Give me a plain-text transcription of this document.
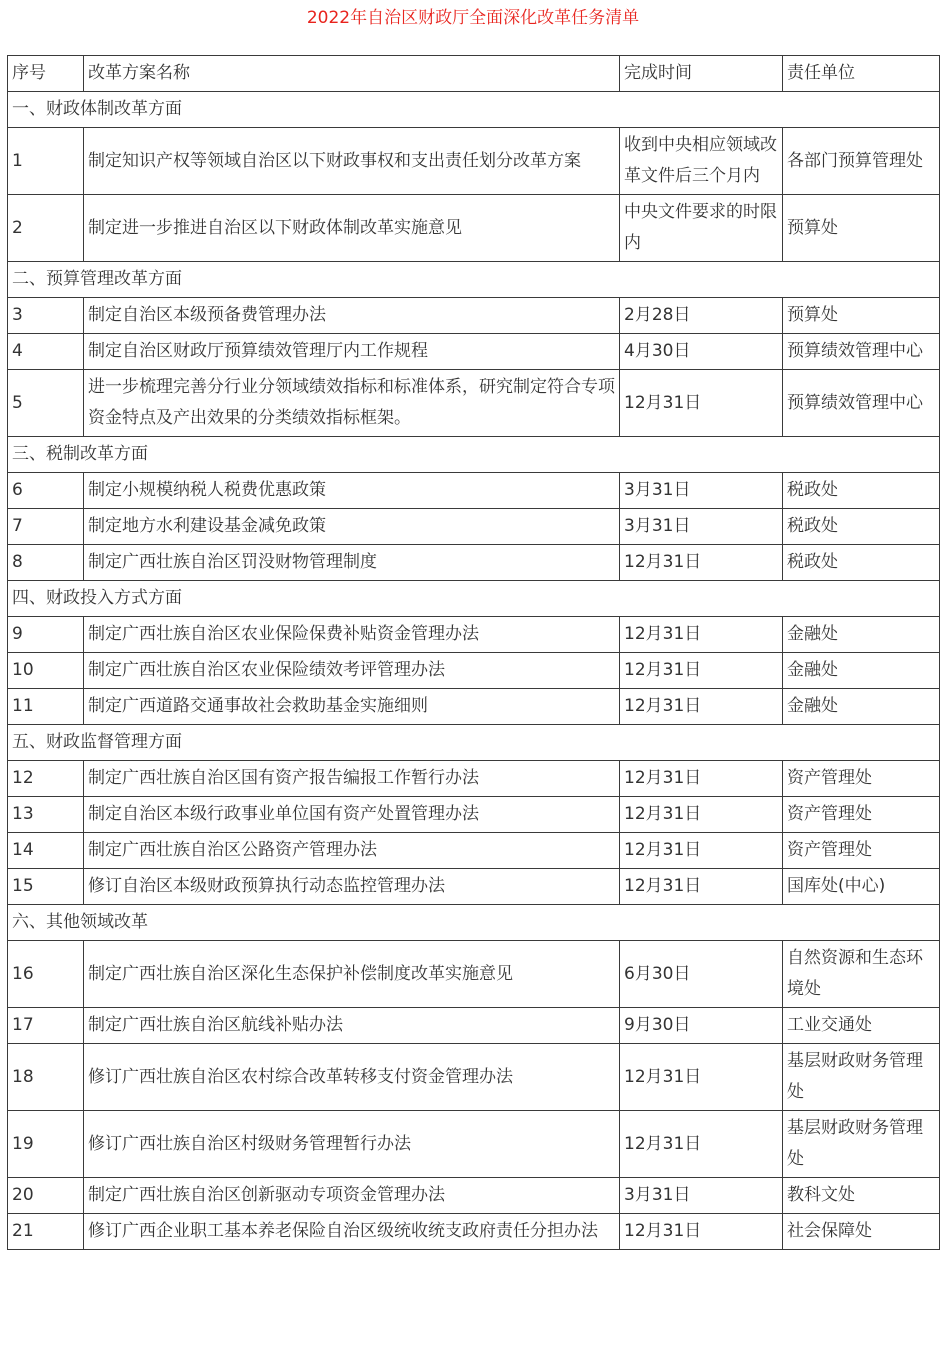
2022年自治区财政厅全面深化改革任务清单
序号	改革方案名称	完成时间	责任单位
一、财政体制改革方面			
1	制定知识产权等领域自治区以下财政事权和支出责任划分改革方案	收到中央相应领域改革文件后三个月内	各部门预算管理处
2	制定进一步推进自治区以下财政体制改革实施意见	中央文件要求的时限内	预算处
二、预算管理改革方面			
3	制定自治区本级预备费管理办法	2月28日	预算处
4	制定自治区财政厅预算绩效管理厅内工作规程	4月30日	预算绩效管理中心
5	进一步梳理完善分行业分领域绩效指标和标准体系，研究制定符合专项资金特点及产出效果的分类绩效指标框架。	12月31日	预算绩效管理中心
三、税制改革方面			
6	制定小规模纳税人税费优惠政策	3月31日	税政处
7	制定地方水利建设基金减免政策	3月31日	税政处
8	制定广西壮族自治区罚没财物管理制度	12月31日	税政处
四、财政投入方式方面			
9	制定广西壮族自治区农业保险保费补贴资金管理办法	12月31日	金融处
10	制定广西壮族自治区农业保险绩效考评管理办法	12月31日	金融处
11	制定广西道路交通事故社会救助基金实施细则	12月31日	金融处
五、财政监督管理方面			
12	制定广西壮族自治区国有资产报告编报工作暂行办法	12月31日	资产管理处
13	制定自治区本级行政事业单位国有资产处置管理办法	12月31日	资产管理处
14	制定广西壮族自治区公路资产管理办法	12月31日	资产管理处
15	修订自治区本级财政预算执行动态监控管理办法	12月31日	国库处(中心)
六、其他领域改革			
16	制定广西壮族自治区深化生态保护补偿制度改革实施意见	6月30日	自然资源和生态环境处
17	制定广西壮族自治区航线补贴办法	9月30日	工业交通处
18	修订广西壮族自治区农村综合改革转移支付资金管理办法	12月31日	基层财政财务管理处
19	修订广西壮族自治区村级财务管理暂行办法	12月31日	基层财政财务管理处
20	制定广西壮族自治区创新驱动专项资金管理办法	3月31日	教科文处
21	修订广西企业职工基本养老保险自治区级统收统支政府责任分担办法	12月31日	社会保障处
